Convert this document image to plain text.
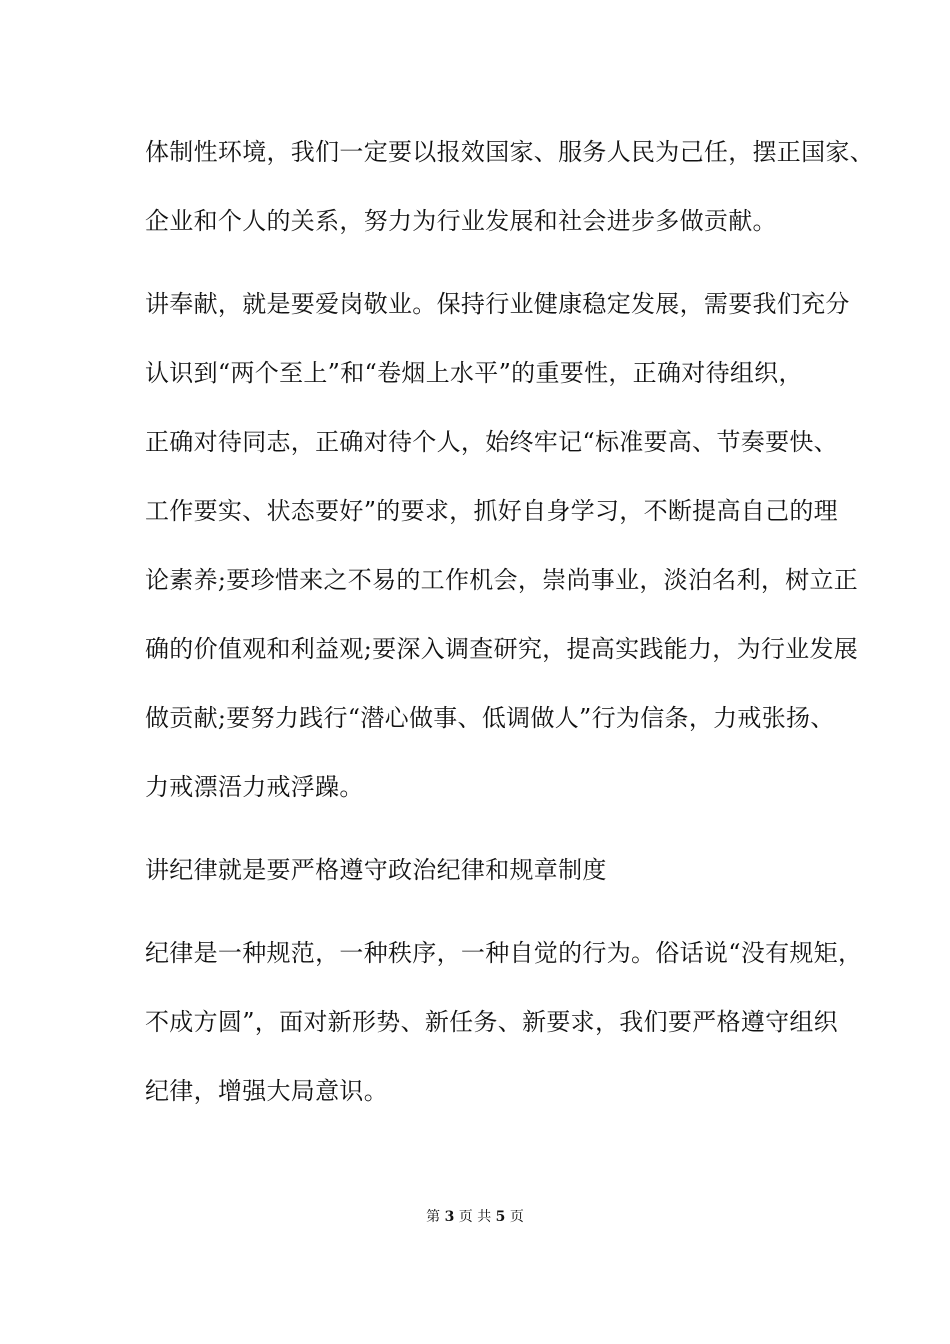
体制性环境，我们一定要以报效国家、服务人民为己任，摆正国家、
企业和个人的关系，努力为行业发展和社会进步多做贡献。
讲奉献，就是要爱岗敬业。保持行业健康稳定发展，需要我们充分
认识到“两个至上”和“卷烟上水平”的重要性，正确对待组织，
正确对待同志，正确对待个人，始终牢记“标准要高、节奏要快、
工作要实、状态要好”的要求，抓好自身学习，不断提高自己的理
论素养;要珍惜来之不易的工作机会，崇尚事业，淡泊名利，树立正
确的价值观和利益观;要深入调查研究，提高实践能力，为行业发展
做贡献;要努力践行“潜心做事、低调做人”行为信条，力戒张扬、
力戒漂浯力戒浮躁。
讲纪律就是要严格遵守政治纪律和规章制度
纪律是一种规范，一种秩序，一种自觉的行为。俗话说“没有规矩，
不成方圆”，面对新形势、新任务、新要求，我们要严格遵守组织
纪律，增强大局意识。
第 3 页 共 5 页
